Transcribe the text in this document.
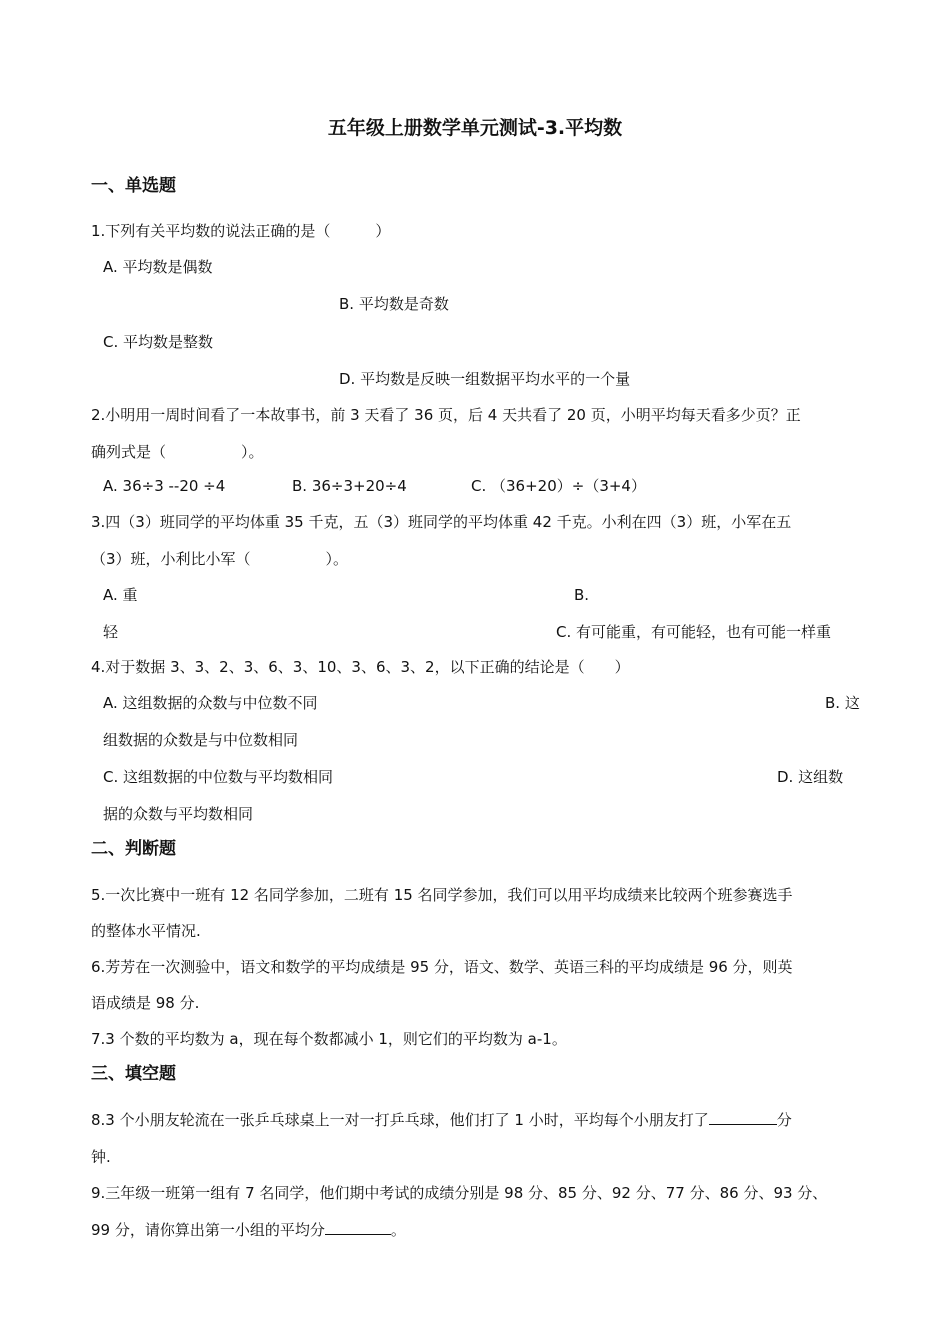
五年级上册数学单元测试-3.平均数
一、单选题
1.下列有关平均数的说法正确的是（　　　）
A. 平均数是偶数
B. 平均数是奇数
C. 平均数是整数
D. 平均数是反映一组数据平均水平的一个量
2.小明用一周时间看了一本故事书，前 3 天看了 36 页，后 4 天共看了 20 页，小明平均每天看多少页？正
确列式是（　　　　　）。
A. 36÷3 --20 ÷4	B. 36÷3+20÷4	C. （36+20）÷（3+4）
3.四（3）班同学的平均体重 35 千克，五（3）班同学的平均体重 42 千克。小利在四（3）班，小军在五
（3）班，小利比小军（　　　　　）。
A. 重	B.
轻	C. 有可能重，有可能轻，也有可能一样重
4.对于数据 3、3、2、3、6、3、10、3、6、3、2，以下正确的结论是（　　）
A. 这组数据的众数与中位数不同	B. 这
组数据的众数是与中位数相同
C. 这组数据的中位数与平均数相同	D. 这组数
据的众数与平均数相同
二、判断题
5.一次比赛中一班有 12 名同学参加，二班有 15 名同学参加，我们可以用平均成绩来比较两个班参赛选手
的整体水平情况.
6.芳芳在一次测验中，语文和数学的平均成绩是 95 分，语文、数学、英语三科的平均成绩是 96 分，则英
语成绩是 98 分.
7.3 个数的平均数为 a，现在每个数都减小 1，则它们的平均数为 a-1。
三、填空题
8.3 个小朋友轮流在一张乒乓球桌上一对一打乒乓球，他们打了 1 小时，平均每个小朋友打了	分
钟.
9.三年级一班第一组有 7 名同学，他们期中考试的成绩分别是 98 分、85 分、92 分、77 分、86 分、93 分、
99 分，请你算出第一小组的平均分	。
